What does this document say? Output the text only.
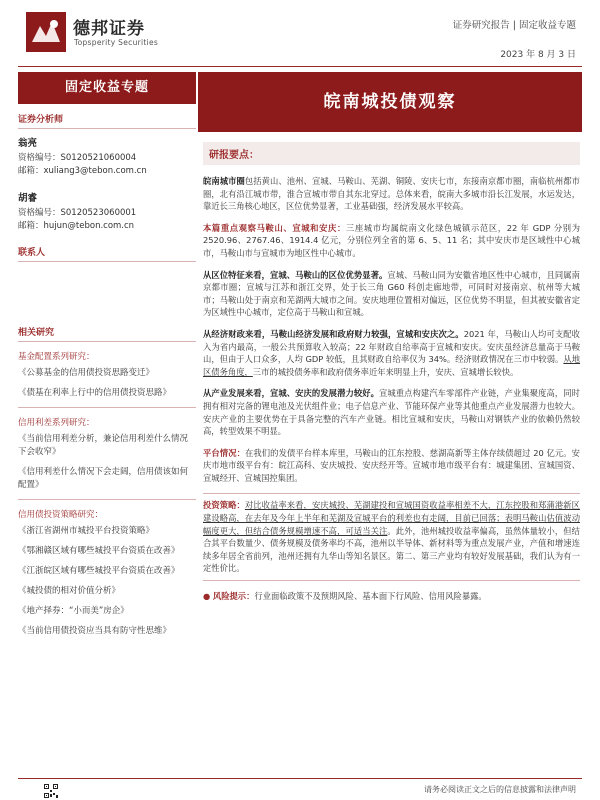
德邦证券
Topsperity Securities
证券研究报告 | 固定收益专题
2023 年 8 月 3 日
固定收益专题
皖南城投债观察
证券分析师
翁亮
资格编号：S0120521060004
邮箱：xuliang3@tebon.com.cn
胡睿
资格编号：S0120523060001
邮箱：hujun@tebon.com.cn
联系人
相关研究
基金配置系列研究：
《公募基金的信用债投资思路变迁》
《债基在利率上行中的信用债投资思路》
信用利差系列研究：
《当前信用利差分析，兼论信用利差什么情况下会收窄》
《信用利差什么情况下会走阔，信用债该如何配置》
信用债投资策略研究：
《浙江省湖州市城投平台投资策略》
《鄂湘赣区域有哪些城投平台资质在改善》
《江浙皖区域有哪些城投平台资质在改善》
《城投债的相对价值分析》
《地产择券：“小而美”房企》
《当前信用债投资应当具有防守性思维》
研报要点：

皖南城市圈包括黄山、池州、宣城、马鞍山、芜湖、铜陵、安庆七市，东接南京都市圈，南临杭州都市圈，北有沿江城市带，淮合宣城市带自其东北穿过。总体来看，皖南大多城市沿长江发展，水运发达，靠近长三角核心地区，区位优势显著，工业基础强，经济发展水平较高。

本篇重点观察马鞍山、宣城和安庆：三座城市均属皖南文化绿色城镇示范区，22 年 GDP 分别为 2520.96、2767.46、1914.4 亿元，分别位列全省的第 6、5、11 名；其中安庆市是区域性中心城市，马鞍山市与宣城市为地区性中心城市。

从区位特征来看，宣城、马鞍山的区位优势显著。宣城、马鞍山同为安徽省地区性中心城市，且同属南京都市圈；宣城与江苏和浙江交界，处于长三角 G60 科创走廊地带，可同时对接南京、杭州等大城市；马鞍山处于南京和芜湖两大城市之间。安庆地理位置相对偏远，区位优势不明显，但其被安徽省定为区域性中心城市，定位高于马鞍山和宣城。

从经济财政来看，马鞍山经济发展和政府财力较强，宣城和安庆次之。2021 年，马鞍山人均可支配收入为省内最高，一般公共预算收入较高；22 年财政自给率高于宣城和安庆。安庆虽经济总量高于马鞍山，但由于人口众多，人均 GDP 较低，且其财政自给率仅为 34%。经济财政情况在三市中较弱。从地区债务角度，三市的城投债务率和政府债务率近年来明显上升，安庆、宣城增长较快。

从产业发展来看，宣城、安庆的发展潜力较好。宣城重点构建汽车零部件产业链，产业集聚度高，同时拥有相对完备的锂电池及光伏组件业；电子信息产业、节能环保产业等其他重点产业发展潜力也较大。安庆产业的主要优势在于具备完整的汽车产业链。相比宣城和安庆，马鞍山对钢铁产业的依赖仍然较高，转型效果不明显。

平台情况：在我们的发债平台样本库里，马鞍山的江东控股、慈湖高新等主体存续债超过 20 亿元。安庆市地市级平台有：皖江高科、安庆城投、安庆经开等。宣城市地市级平台有：城建集团、宣城国资、宣城经开、宣城国控集团。

投资策略：对比收益率来看，安庆城投、芜湖建投和宣城国资收益率相差不大，江东控股和郑蒲港新区建设略高，在去年及今年上半年和芜湖及宣城平台的利差也有走阔，目前已回落；表明马鞍山估值波动幅度更大，但结合债务规模增速不高，可适当关注。此外，池州城投收益率偏高，虽然体量较小，但结合其平台数量少、债务规模及债务率均不高，池州以半导体、新材料等为重点发展产业，产值和增速连续多年居全省前列，池州还拥有九华山等知名景区。第二、第三产业均有较好发展基础，我们认为有一定性价比。

● 风险提示：行业面临政策不及预期风险、基本面下行风险、信用风险暴露。

请务必阅读正文之后的信息披露和法律声明
